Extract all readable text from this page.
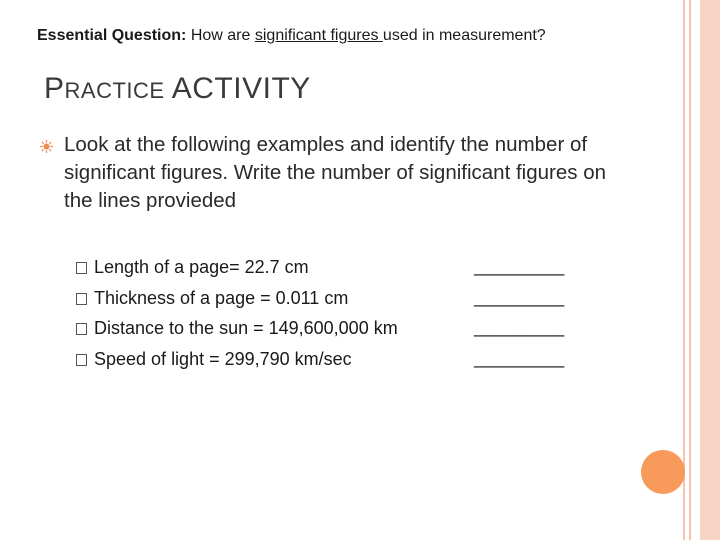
Essential Question: How are significant figures used in measurement?
PRACTICE ACTIVITY
Look at the following examples and identify the number of significant figures. Write the number of significant figures on the lines provieded
Length of a page= 22.7 cm	_________
Thickness of a page = 0.011 cm	_________
Distance to the sun = 149,600,000 km	_________
Speed of light = 299,790 km/sec	_________
